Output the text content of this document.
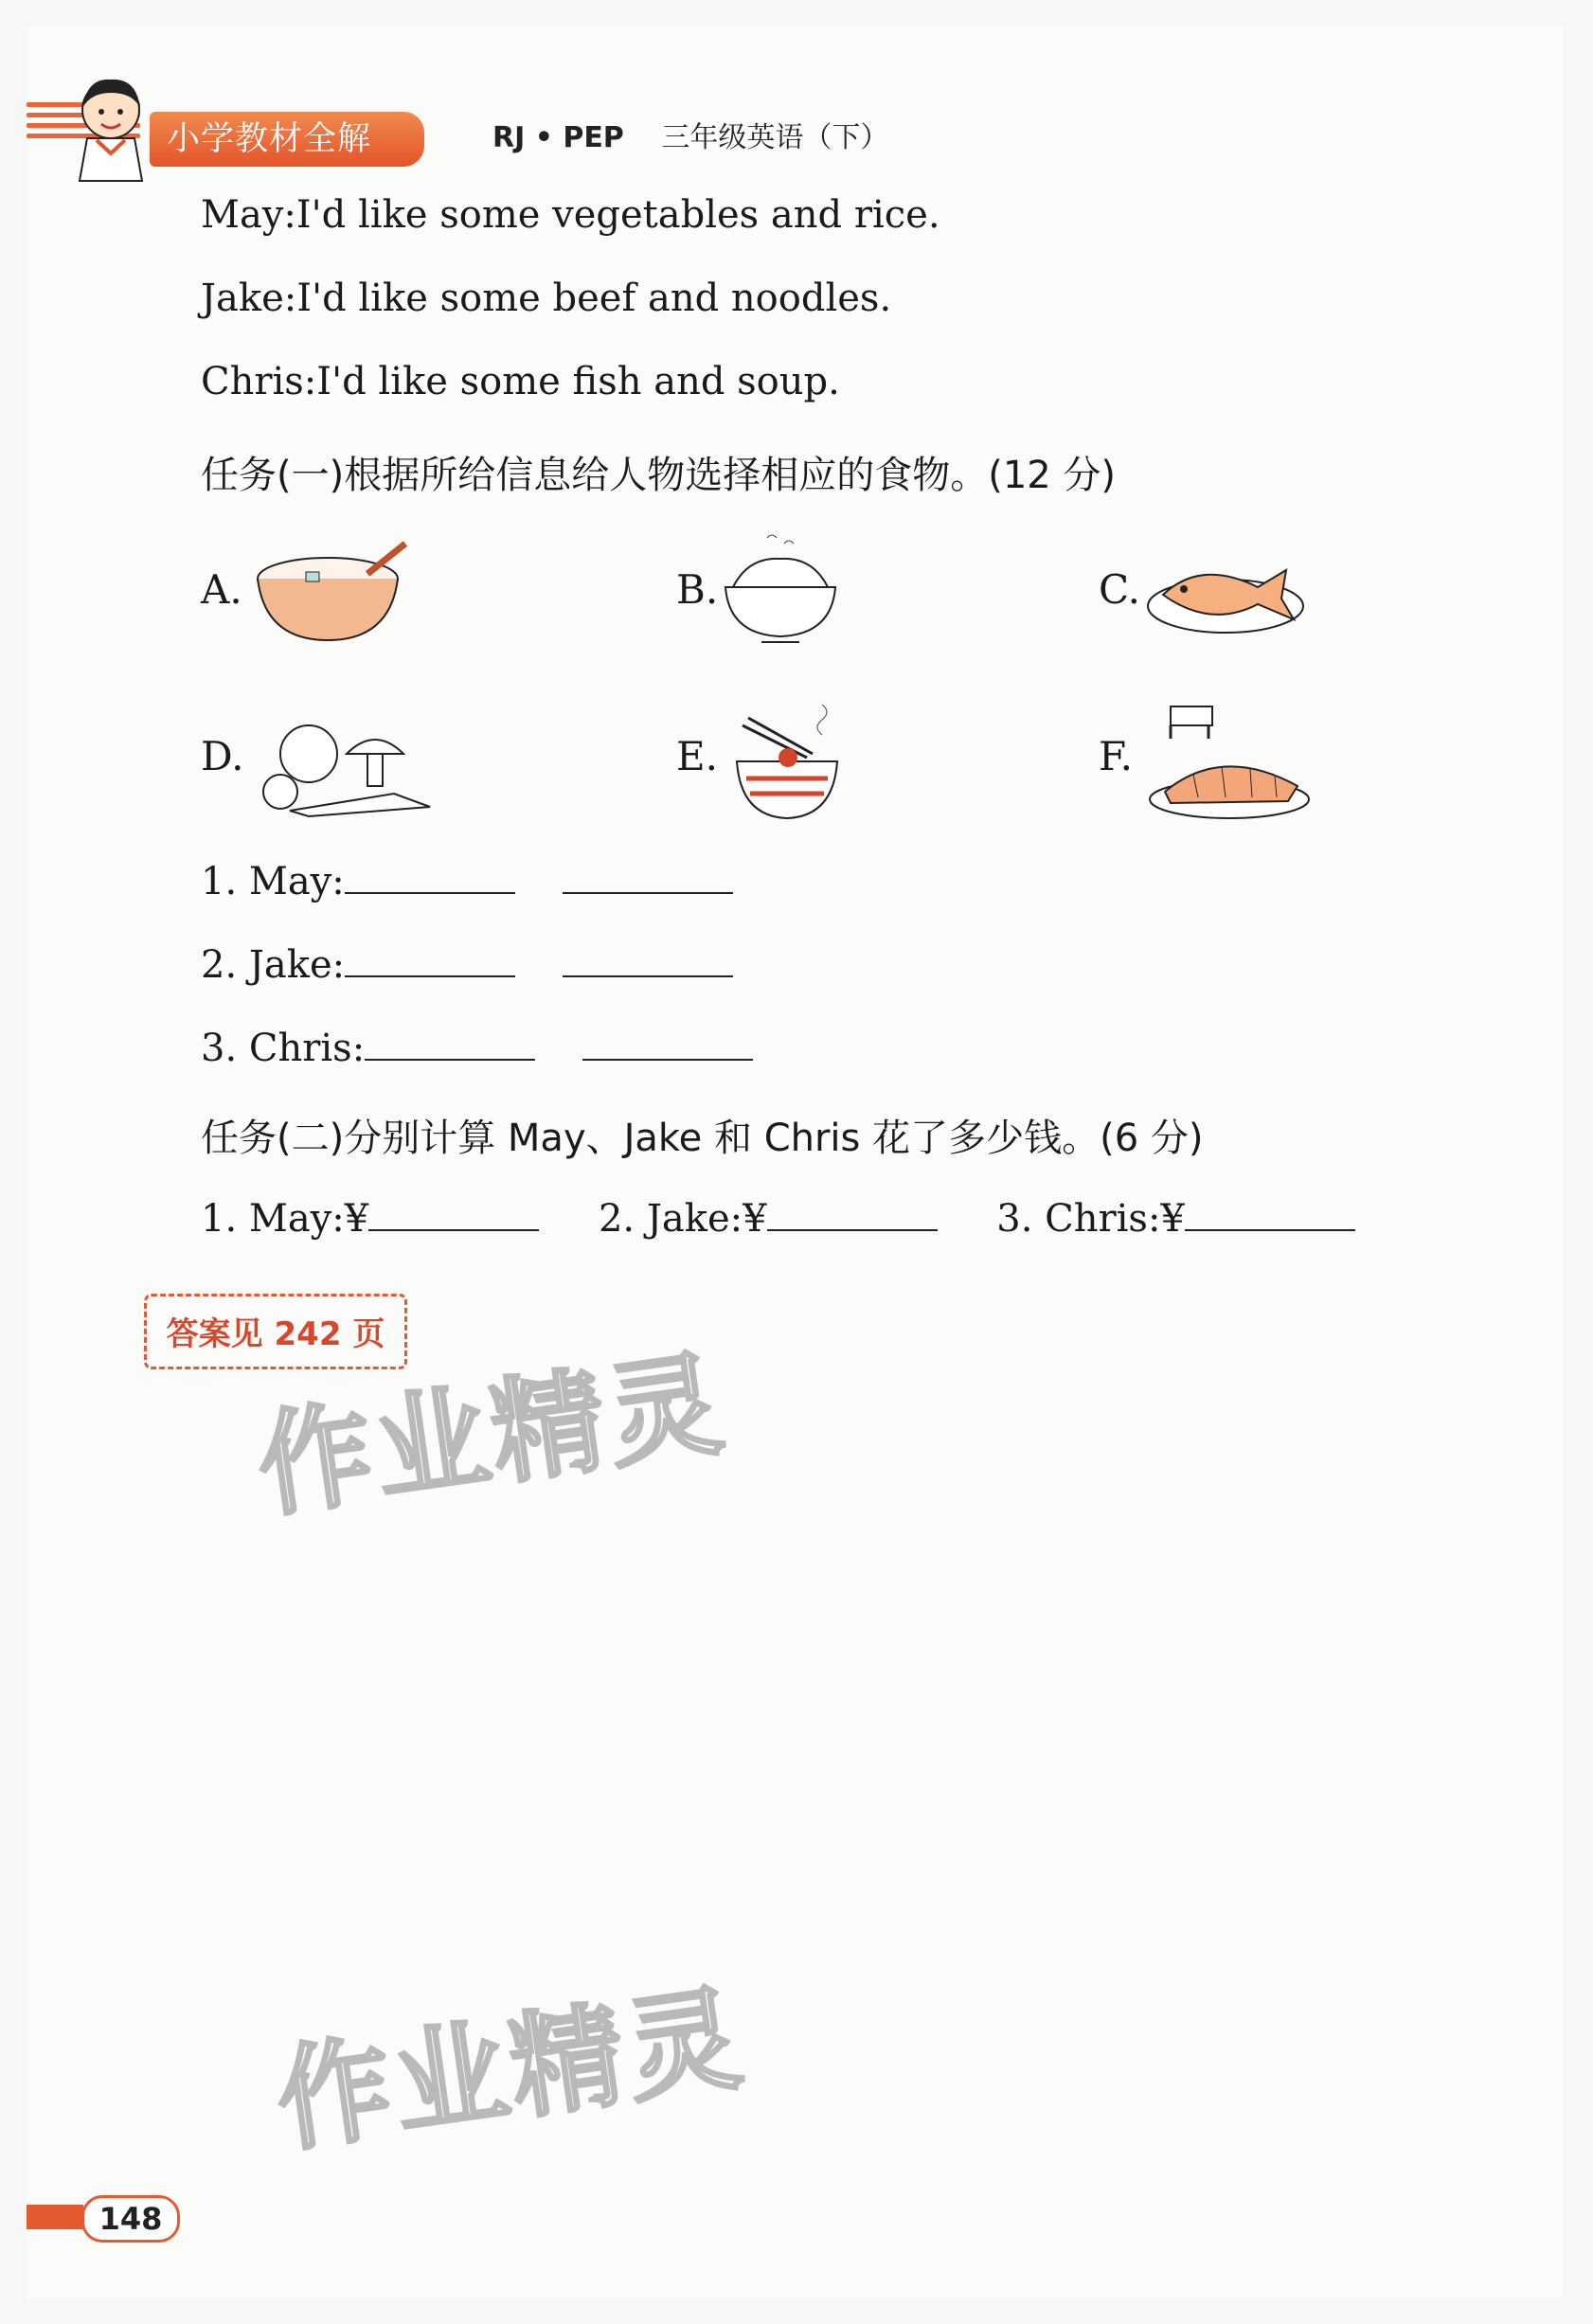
小学教材全解	RJ • PEP 三年级英语（下）
May:I'd like some vegetables and rice.
Jake:I'd like some beef and noodles.
Chris:I'd like some fish and soup.
任务(一)根据所给信息给人物选择相应的食物。(12 分)
A.	B.	C.
D.	E.	F.
1. May:
2. Jake:
3. Chris:
任务(二)分别计算 May、Jake 和 Chris 花了多少钱。(6 分)
1. May:¥	2. Jake:¥	3. Chris:¥
答案见 242 页
作业精灵
作业精灵
148
